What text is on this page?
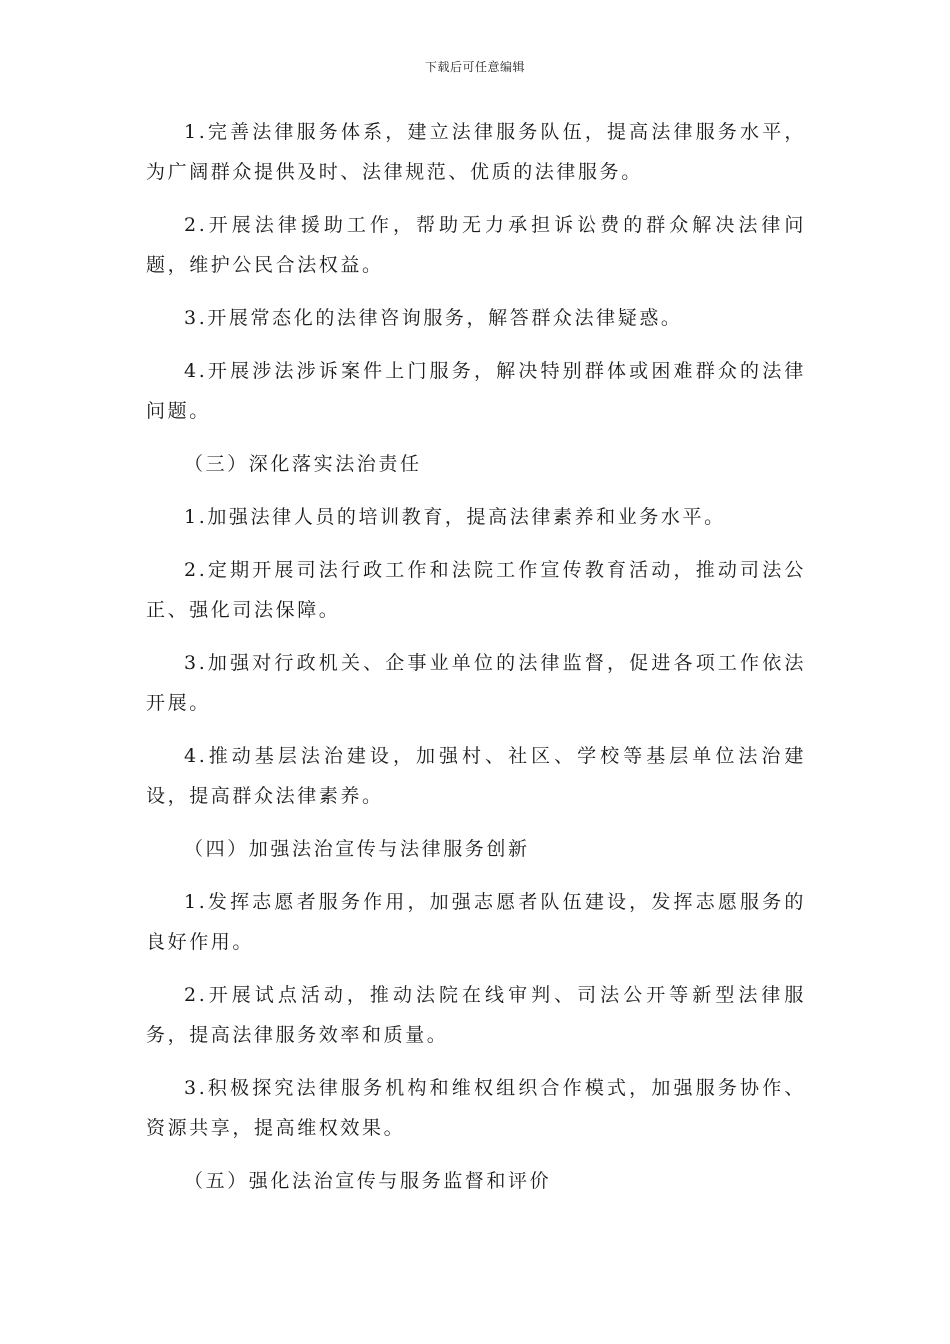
下载后可任意编辑

1.完善法律服务体系，建立法律服务队伍，提高法律服务水平，为广阔群众提供及时、法律规范、优质的法律服务。

2.开展法律援助工作，帮助无力承担诉讼费的群众解决法律问题，维护公民合法权益。

3.开展常态化的法律咨询服务，解答群众法律疑惑。

4.开展涉法涉诉案件上门服务，解决特别群体或困难群众的法律问题。

（三）深化落实法治责任

1.加强法律人员的培训教育，提高法律素养和业务水平。

2.定期开展司法行政工作和法院工作宣传教育活动，推动司法公正、强化司法保障。

3.加强对行政机关、企事业单位的法律监督，促进各项工作依法开展。

4.推动基层法治建设，加强村、社区、学校等基层单位法治建设，提高群众法律素养。

（四）加强法治宣传与法律服务创新

1.发挥志愿者服务作用，加强志愿者队伍建设，发挥志愿服务的良好作用。

2.开展试点活动，推动法院在线审判、司法公开等新型法律服务，提高法律服务效率和质量。

3.积极探究法律服务机构和维权组织合作模式，加强服务协作、资源共享，提高维权效果。

（五）强化法治宣传与服务监督和评价
